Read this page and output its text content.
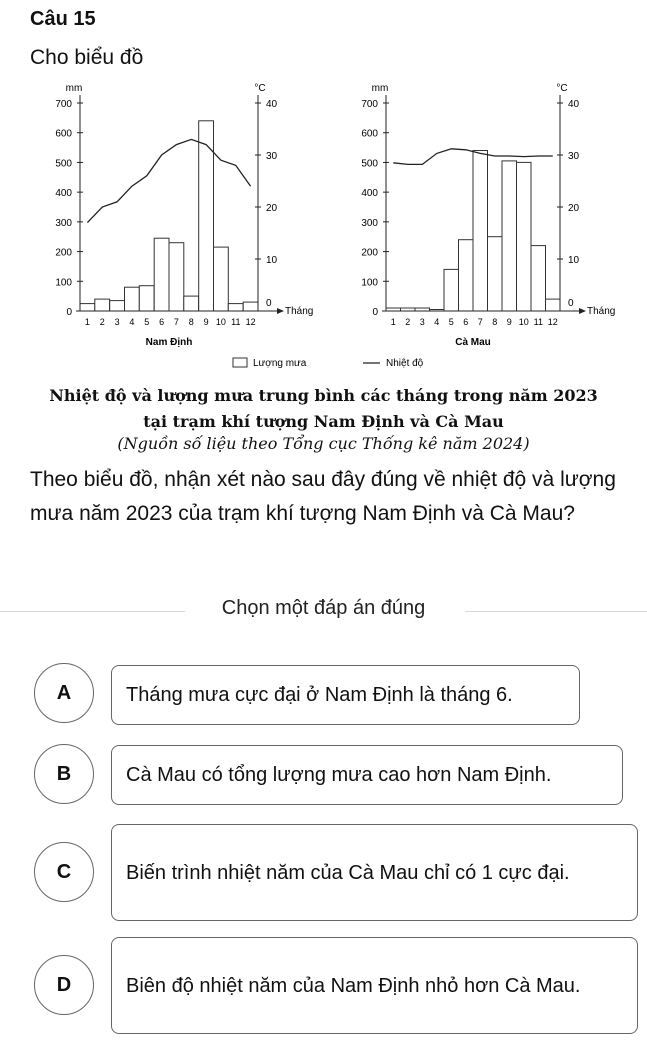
Câu 15

Cho biểu đồ

0
100
200
300
400
500
600
700
0
10
20
30
40
mm	°C
1 2 3 4 5 6 7 8 9 10 11 12
Tháng
Nam Định
0
100
200
300
400
500
600
700
0
10
20
30
40
mm	°C
1 2 3 4 5 6 7 8 9 10 11 12
Tháng
Cà Mau
Lượng mưa	Nhiệt độ
Nhiệt độ và lượng mưa trung bình các tháng trong năm 2023
tại trạm khí tượng Nam Định và Cà Mau
(Nguồn số liệu theo Tổng cục Thống kê năm 2024)

Theo biểu đồ, nhận xét nào sau đây đúng về nhiệt độ và lượng mưa năm 2023 của trạm khí tượng Nam Định và Cà Mau?

Chọn một đáp án đúng
A	Tháng mưa cực đại ở Nam Định là tháng 6.
B	Cà Mau có tổng lượng mưa cao hơn Nam Định.
C	Biến trình nhiệt năm của Cà Mau chỉ có 1 cực đại.
D	Biên độ nhiệt năm của Nam Định nhỏ hơn Cà Mau.
